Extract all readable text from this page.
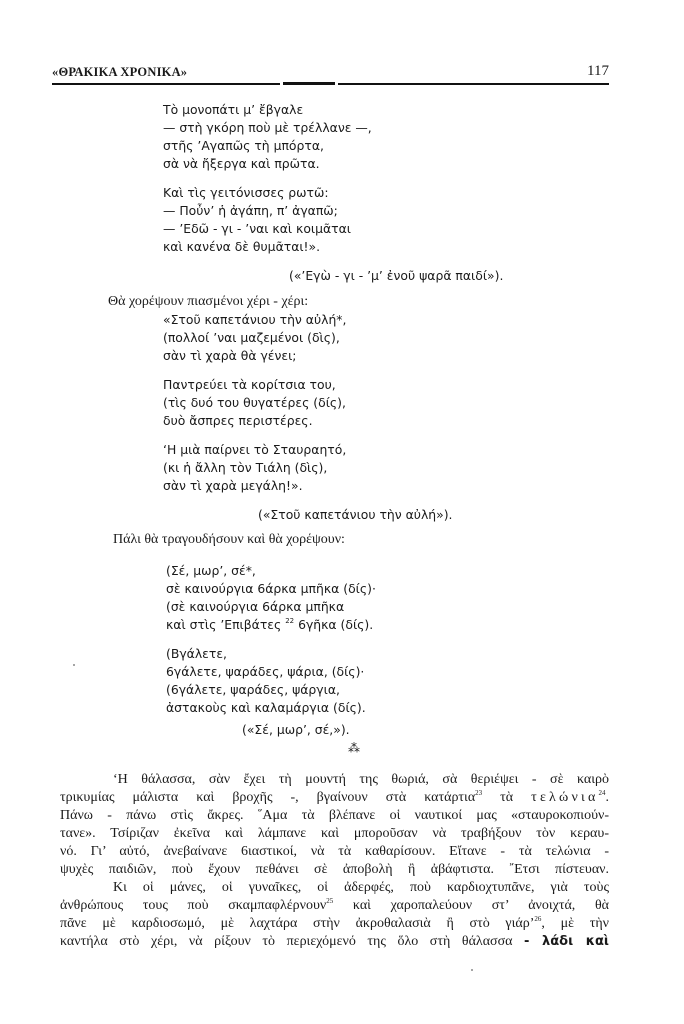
«ΘΡΑΚΙΚΑ ΧΡΟΝΙΚΑ»	117
Τὸ μονοπάτι μ’ ἔβγαλε
— στὴ γκόρη ποὺ μὲ τρέλλανε —,
στῆς ’Αγαπῶς τὴ μπόρτα,
σὰ νὰ ἤξεργα καὶ πρῶτα.
Καὶ τὶς γειτόνισσες ρωτῶ:
— Πoὖν’ ἡ ἀγάπη, π’ ἀγαπῶ;
— ’Εδῶ - γι - ’ναι καὶ κοιμᾶται
καὶ κανένα δὲ θυμᾶται!».
(«’Εγὼ - γι - ’μ’ ἐνοῦ ψαρᾶ παιδί»).
Θὰ χορέψουν πιασμένοι χέρι - χέρι:
«Στοῦ καπετάνιου τὴν αὐλή*,
(πολλοί ’ναι μαζεμένοι (δὶς),
σὰν τὶ χαρὰ θὰ γένει;
Παντρεύει τὰ κορίτσια του,
(τὶς δυό του θυγατέρες (δίς),
δυὸ ἄσπρες περιστέρες.
‘Η μιὰ παίρνει τὸ Σταυραητό,
(κι ἡ ἄλλη τὸν Τιάλη (δὶς),
σὰν τὶ χαρὰ μεγάλη!».
(«Στοῦ καπετάνιου τὴν αὐλή»).
Πάλι θὰ τραγουδήσουν καὶ θὰ χορέψουν:
(Σέ, μωρ’, σέ*,
σὲ καινούργια 6άρκα μπῆκα (δίς)·
(σὲ καινούργια 6άρκα μπῆκα
καὶ στὶς ’Επιβάτες $^{22}$ 6γῆκα (δίς).
(Βγάλετε,
6γάλετε, ψαράδες, ψάρια, (δίς)·
(6γάλετε, ψαράδες, ψάργια,
ἀστακοὺς καὶ καλαμάργια (δίς).
(«Σέ, μωρ’, σέ,»).
⁂
‘Η θάλασσα, σὰν ἔχει τὴ μουντή της θωριά, σὰ θεριέψει - σὲ καιρὸ
τρικυμίας μάλιστα καὶ βροχῆς -, βγαίνουν στὰ κατάρτια$^{23}$ τὰ τελώνια$^{24}$.
Πάνω - πάνω στὶς ἄκρες. ῞Αμα τὰ βλέπανε οἱ ναυτικοί μας «σταυροκοπιούν-
τανε». Τσίριζαν ἐκεῖνα καὶ λάμπανε καὶ μποροῦσαν νὰ τραβήξουν τὸν κεραυ-
νό. Γι’ αὐτό, ἀνεβαίνανε 6ιαστικοί, νὰ τὰ καθαρίσουν. Εἴτανε - τὰ τελώνια -
ψυχὲς παιδιῶν, ποὺ ἔχουν πεθάνει σὲ ἀποβολὴ ἢ ἀβάφτιστα. ῎Ετσι πίστευαν.
Κι οἱ μάνες, οἱ γυναῖκες, οἱ ἀδερφές, ποὺ καρδιοχτυπᾶνε, γιὰ τοὺς
ἀνθρώπους τους ποὺ σκαμπαφλέρνουν$^{25}$ καὶ χαροπαλεύουν στ’ ἀνοιχτά, θὰ
πᾶνε μὲ καρδιοσωμό, μὲ λαχτάρα στὴν ἀκροθαλασιὰ ἢ στὸ γιάρ’$^{26}$, μὲ τὴν
καντήλα στὸ χέρι, νὰ ρίξουν τὸ περιεχόμενό της ὅλο στὴ θάλασσα - λάδι καὶ
